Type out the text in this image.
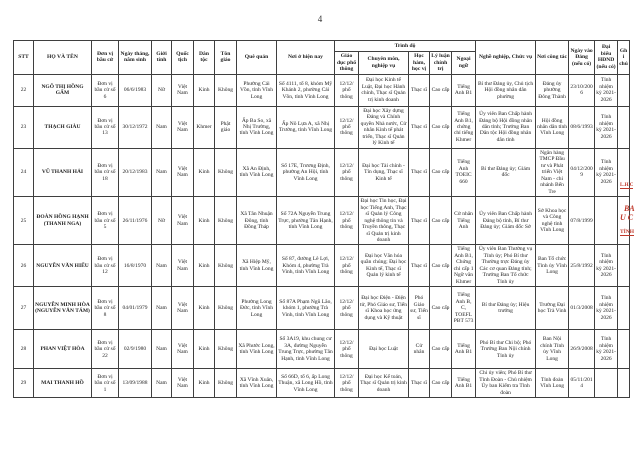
4
STT	HỌ VÀ TÊN	Đơn vị bầu cử	Ngày tháng, năm sinh	Giới tính	Quốc tịch	Dân tộc	Tôn giáo	Quê quán	Nơi ở hiện nay	Trình độ					Nghề nghiệp, Chức vụ	Nơi công tác	Ngày vào Đảng (nếu có)	Đại biểu HĐND (nếu có)	Ghi chú
										Giáo dục phổ thông	Chuyên môn, nghiệp vụ	Học hàm, học vị	Lý luận chính trị	Ngoại ngữ					
22	NGÔ THỊ HỒNG GẤM	Đơn vị bầu cử số 6	06/6/1983	Nữ	Việt Nam	Kinh	Không	Phường Cái Vồn, tỉnh Vĩnh Long	Số 4111, tổ 8, khóm Mỹ Khánh 2, phường Cái Vồn, tỉnh Vĩnh Long	12/12/ phổ thông	Đại học Kinh tế Luật, Đại học Hành chính, Thạc sĩ Quản trị kinh doanh	Thạc sĩ	Cao cấp	Tiếng Anh B1	Bí thư Đảng ủy, Chủ tịch Hội đồng nhân dân phường	Đảng ủy phường Đông Thành	23/10/2006	Tỉnh nhiệm kỳ 2021-2026	
23	THẠCH GIÀU	Đơn vị bầu cử số 13	30/12/1972	Nam	Việt Nam	Khmer	Phật giáo	Ấp Ba So, xã Nhị Trường, tỉnh Vĩnh Long	Ấp Nô Lựa A, xã Nhị Trường, tỉnh Vĩnh Long	12/12/ phổ thông	Đại học Xây dựng Đảng và Chính quyền Nhà nước, Cử nhân Kinh tế phát triển, Thạc sĩ Quản lý Kinh tế	Thạc sĩ	Cao cấp	Tiếng Anh B1, chứng chỉ tiếng Khmer	Ủy viên Ban Chấp hành Đảng bộ Hội đồng nhân dân tỉnh; Trưởng Ban Dân tộc Hội đồng nhân dân tỉnh	Hội đồng nhân dân tỉnh Vĩnh Long	08/6/1993	Tỉnh nhiệm kỳ 2021-2026	
24	VŨ THANH HẢI	Đơn vị bầu cử số 18	20/12/1983	Nam	Việt Nam	Kinh	Không	Xã An Định, tỉnh Vĩnh Long	Số 17E, Trương Định, phường An Hội, tỉnh Vĩnh Long	12/12/ phổ thông	Đại học Tài chính - Tín dụng, Thạc sĩ Kinh tế	Thạc sĩ	Cao cấp	Tiếng Anh TOEIC 660	Bí thư Đảng ủy; Giám đốc	Ngân hàng TMCP Đầu tư và Phát triển Việt Nam - chi nhánh Bến Tre	04/12/2009	Tỉnh nhiệm kỳ 2021-2026	
25	ĐOÀN HỒNG HẠNH (THANH NGA)	Đơn vị bầu cử số 5	26/11/1976	Nữ	Việt Nam	Kinh	Không	Xã Tân Nhuận Đông, tỉnh Đồng Tháp	Số 72A Nguyễn Trung Trực, phường Tân Hạnh, tỉnh Vĩnh Long	12/12/ phổ thông	Đại học Tin học, Đại học Tiếng Anh, Thạc sĩ Quản lý Công nghệ thông tin và Truyền thông, Thạc sĩ Quản trị kinh doanh	Thạc sĩ	Cao cấp	Cử nhân Tiếng Anh	Ủy viên Ban Chấp hành Đảng bộ tỉnh, Bí thư Đảng ủy; Giám đốc Sở	Sở Khoa học và Công nghệ tỉnh Vĩnh Long	07/8/1999		
26	NGUYỄN VĂN HIẾU	Đơn vị bầu cử số 12	16/8/1970	Nam	Việt Nam	Kinh	Không	Xã Hiệp Mỹ, tỉnh Vĩnh Long	Số 87, đường Lê Lợi, Khóm 4, phường Trà Vinh, tỉnh Vĩnh Long	12/12/ phổ thông	Đại học Văn hóa quần chúng; Đại học Kinh tế, Thạc sĩ Quản lý kinh tế	Thạc sĩ	Cao cấp	Tiếng Anh B1, Chứng chỉ cấp 1 Ngữ văn Khmer	Ủy viên Ban Thường vụ Tỉnh ủy; Phó Bí thư Thường trực Đảng ủy Các cơ quan Đảng tỉnh; Trưởng Ban Tổ chức Tỉnh ủy	Ban Tổ chức Tỉnh ủy Vĩnh Long	25/8/1992	Tỉnh nhiệm kỳ 2021-2026	
27	NGUYỄN MINH HÒA (NGUYỄN VĂN TÁM)	Đơn vị bầu cử số 8	04/01/1979	Nam	Việt Nam	Kinh	Không	Phường Long Đức, tỉnh Vĩnh Long	Số 87A Phạm Ngũ Lão, khóm 1, phường Trà Vinh, tỉnh Vĩnh Long	12/12/ phổ thông	Đại học Điện - Điện tử, Phó Giáo sư, Tiến sĩ Khoa học ứng dụng và Kỹ thuật	Phó Giáo sư, Tiến sĩ	Cao cấp	Tiếng Anh B, C, TOEFL PBT 573	Bí thư Đảng ủy; Hiệu trưởng	Trường Đại học Trà Vinh	01/3/2008	Tỉnh nhiệm kỳ 2021-2026	
28	PHAN VIỆT HÒA	Đơn vị bầu cử số 22	02/9/1980	Nam	Việt Nam	Kinh	Không	Xã Phước Long, tỉnh Vĩnh Long	Số 3A19, khu chung cư 3A, đường Nguyễn Trung Trực, phường Tân Hạnh, tỉnh Vĩnh Long	12/12/ phổ thông	Đại học Luật	Cử nhân	Cao cấp	Tiếng Anh B1	Phó Bí thư Chi bộ; Phó Trưởng Ban Nội chính Tỉnh ủy	Ban Nội chính Tỉnh ủy Vĩnh Long	26/9/2008	Tỉnh nhiệm kỳ 2021-2026	
29	MAI THANH HỒ	Đơn vị bầu cử số 1	13/09/1988	Nam	Việt Nam	Kinh	Không	Xã Vĩnh Xuân, tỉnh Vĩnh Long	Số 66D, tổ 6, ấp Long Thuận, xã Long Hồ, tỉnh Vĩnh Long	12/12/ phổ thông	Đại học Kế toán, Thạc sĩ Quản trị kinh doanh	Thạc sĩ	Cao cấp	Tiếng Anh B1	Chi ủy viên; Phó Bí thư Tỉnh Đoàn - Chủ nhiệm Ủy ban Kiểm tra Tỉnh đoàn	Tỉnh đoàn Vĩnh Long	05/11/2014		
L.H.C
BA
U C
TỈNH
